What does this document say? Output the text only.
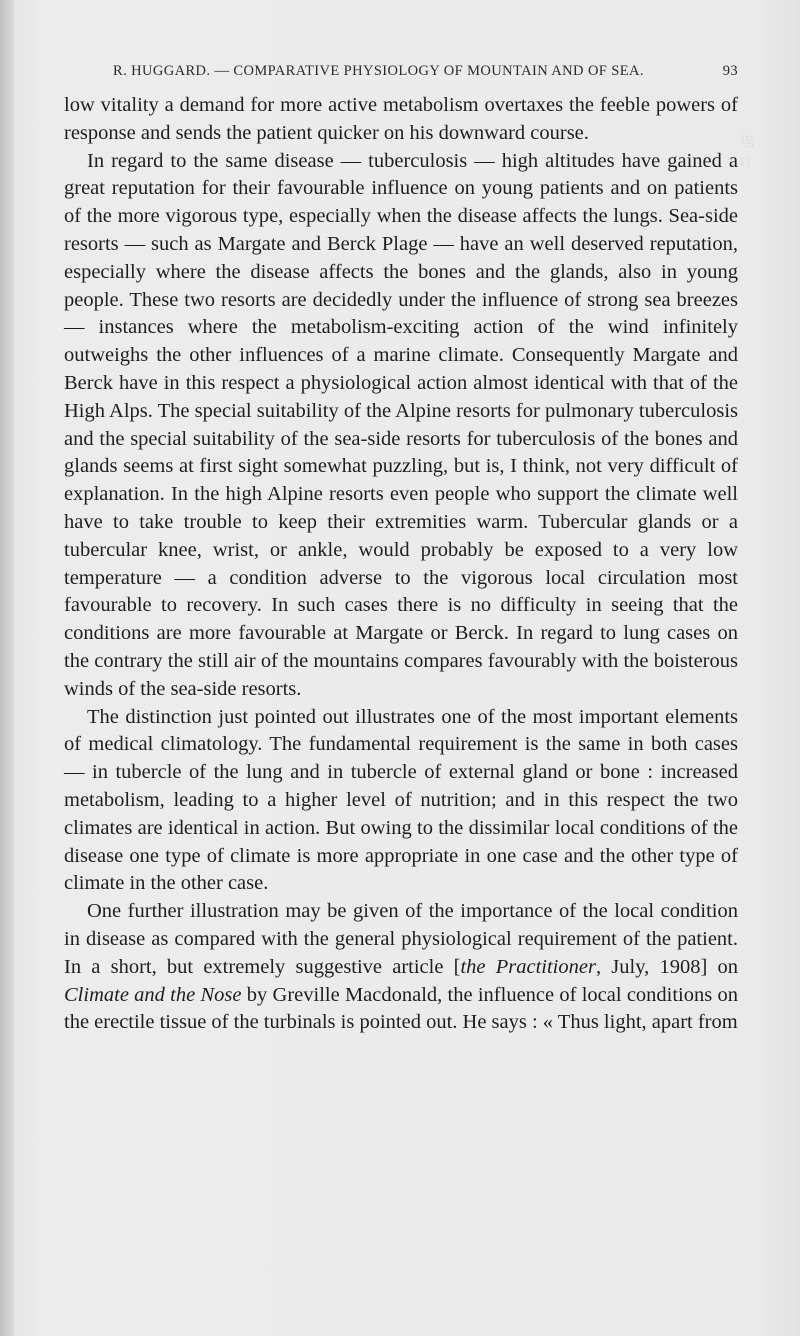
ig
ri
R. HUGGARD. — COMPARATIVE PHYSIOLOGY OF MOUNTAIN AND OF SEA.	93

low vitality a demand for more active metabolism overtaxes the feeble powers of response and sends the patient quicker on his downward course.

In regard to the same disease — tuberculosis — high altitudes have gained a great reputation for their favourable influence on young patients and on patients of the more vigorous type, especially when the disease affects the lungs. Sea-side resorts — such as Margate and Berck Plage — have an well deserved reputation, especially where the disease affects the bones and the glands, also in young people. These two resorts are decidedly under the influence of strong sea breezes — instances where the metabolism-exciting action of the wind infinitely outweighs the other influences of a marine climate. Consequently Margate and Berck have in this respect a physiological action almost identical with that of the High Alps. The special suitability of the Alpine resorts for pulmonary tuberculosis and the special suitability of the sea-side resorts for tuberculosis of the bones and glands seems at first sight somewhat puzzling, but is, I think, not very difficult of explanation. In the high Alpine resorts even people who support the climate well have to take trouble to keep their extremities warm. Tubercular glands or a tubercular knee, wrist, or ankle, would probably be exposed to a very low temperature — a condition adverse to the vigorous local circulation most favourable to recovery. In such cases there is no difficulty in seeing that the conditions are more favourable at Margate or Berck. In regard to lung cases on the contrary the still air of the mountains compares favourably with the boisterous winds of the sea-side resorts.

The distinction just pointed out illustrates one of the most important elements of medical climatology. The fundamental requirement is the same in both cases — in tubercle of the lung and in tubercle of external gland or bone : increased metabolism, leading to a higher level of nutrition; and in this respect the two climates are identical in action. But owing to the dissimilar local conditions of the disease one type of climate is more appropriate in one case and the other type of climate in the other case.

One further illustration may be given of the importance of the local condition in disease as compared with the general physiological requirement of the patient. In a short, but extremely suggestive article [the Practitioner, July, 1908] on Climate and the Nose by Greville Macdonald, the influence of local conditions on the erectile tissue of the turbinals is pointed out. He says : « Thus light, apart from
